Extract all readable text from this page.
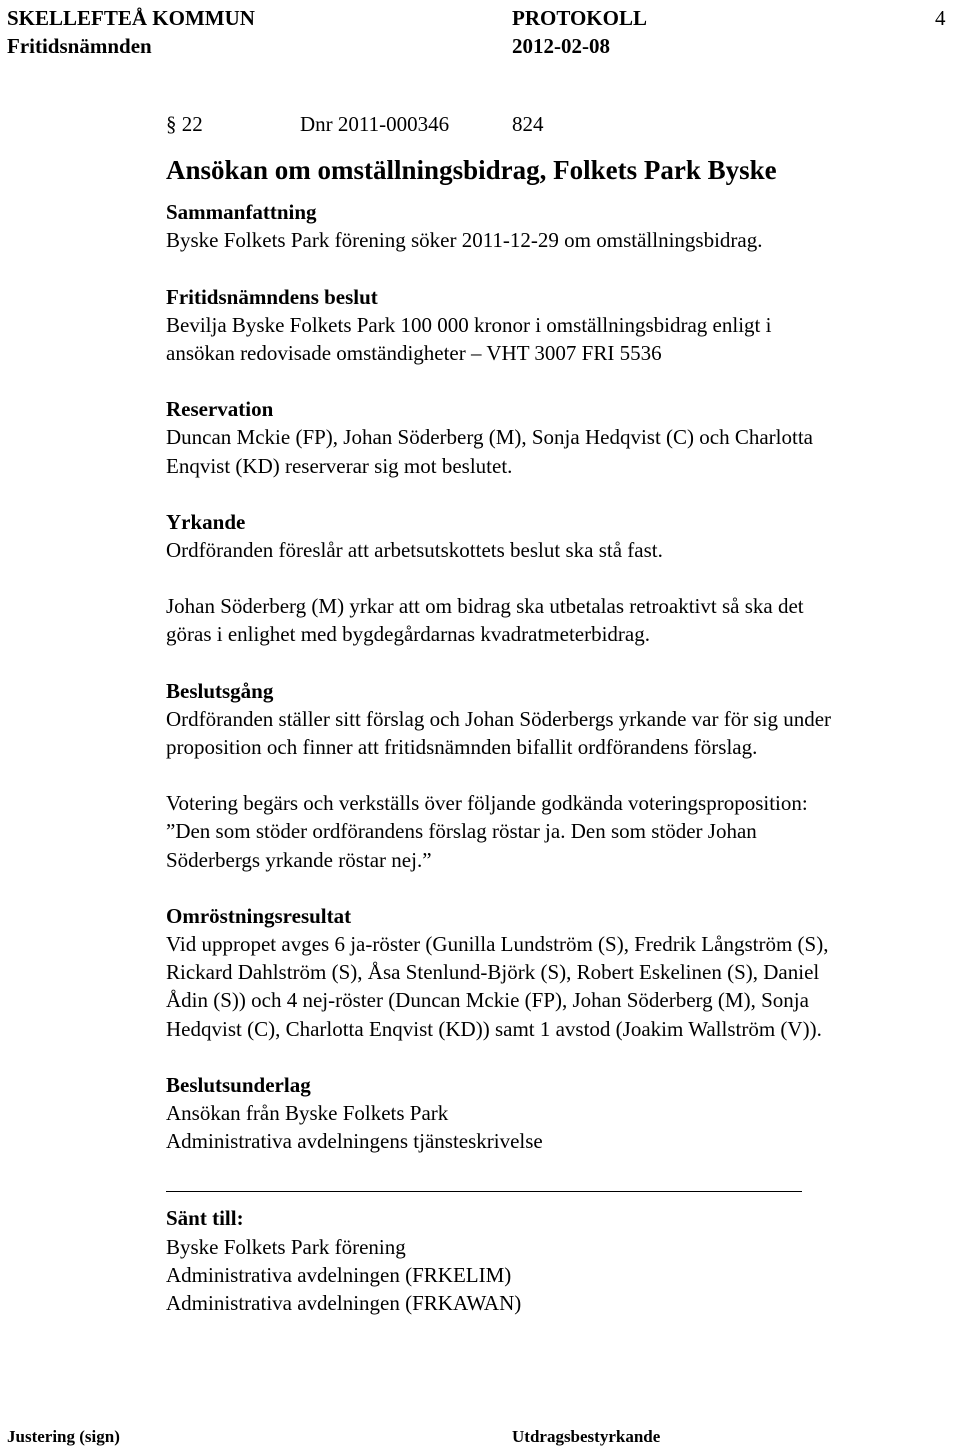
SKELLEFTEÅ KOMMUN
Fritidsnämnden
PROTOKOLL
2012-02-08
4
§ 22	Dnr 2011-000346	824
Ansökan om omställningsbidrag, Folkets Park Byske

Sammanfattning

Byske Folkets Park förening söker 2011-12-29 om omställningsbidrag.

Fritidsnämndens beslut

Bevilja Byske Folkets Park 100 000 kronor i omställningsbidrag enligt i

ansökan redovisade omständigheter – VHT 3007 FRI 5536

Reservation

Duncan Mckie (FP), Johan Söderberg (M), Sonja Hedqvist (C) och Charlotta

Enqvist (KD) reserverar sig mot beslutet.

Yrkande

Ordföranden föreslår att arbetsutskottets beslut ska stå fast.

Johan Söderberg (M) yrkar att om bidrag ska utbetalas retroaktivt så ska det

göras i enlighet med bygdegårdarnas kvadratmeterbidrag.

Beslutsgång

Ordföranden ställer sitt förslag och Johan Söderbergs yrkande var för sig under

proposition och finner att fritidsnämnden bifallit ordförandens förslag.

Votering begärs och verkställs över följande godkända voteringsproposition:

”Den som stöder ordförandens förslag röstar ja. Den som stöder Johan

Söderbergs yrkande röstar nej.”

Omröstningsresultat

Vid uppropet avges 6 ja-röster (Gunilla Lundström (S), Fredrik Långström (S),

Rickard Dahlström (S), Åsa Stenlund-Björk (S), Robert Eskelinen (S), Daniel

Ådin (S)) och 4 nej-röster (Duncan Mckie (FP), Johan Söderberg (M), Sonja

Hedqvist (C), Charlotta Enqvist (KD)) samt 1 avstod (Joakim Wallström (V)).

Beslutsunderlag

Ansökan från Byske Folkets Park

Administrativa avdelningens tjänsteskrivelse

Sänt till:

Byske Folkets Park förening

Administrativa avdelningen (FRKELIM)

Administrativa avdelningen (FRKAWAN)

Justering (sign)	Utdragsbestyrkande
